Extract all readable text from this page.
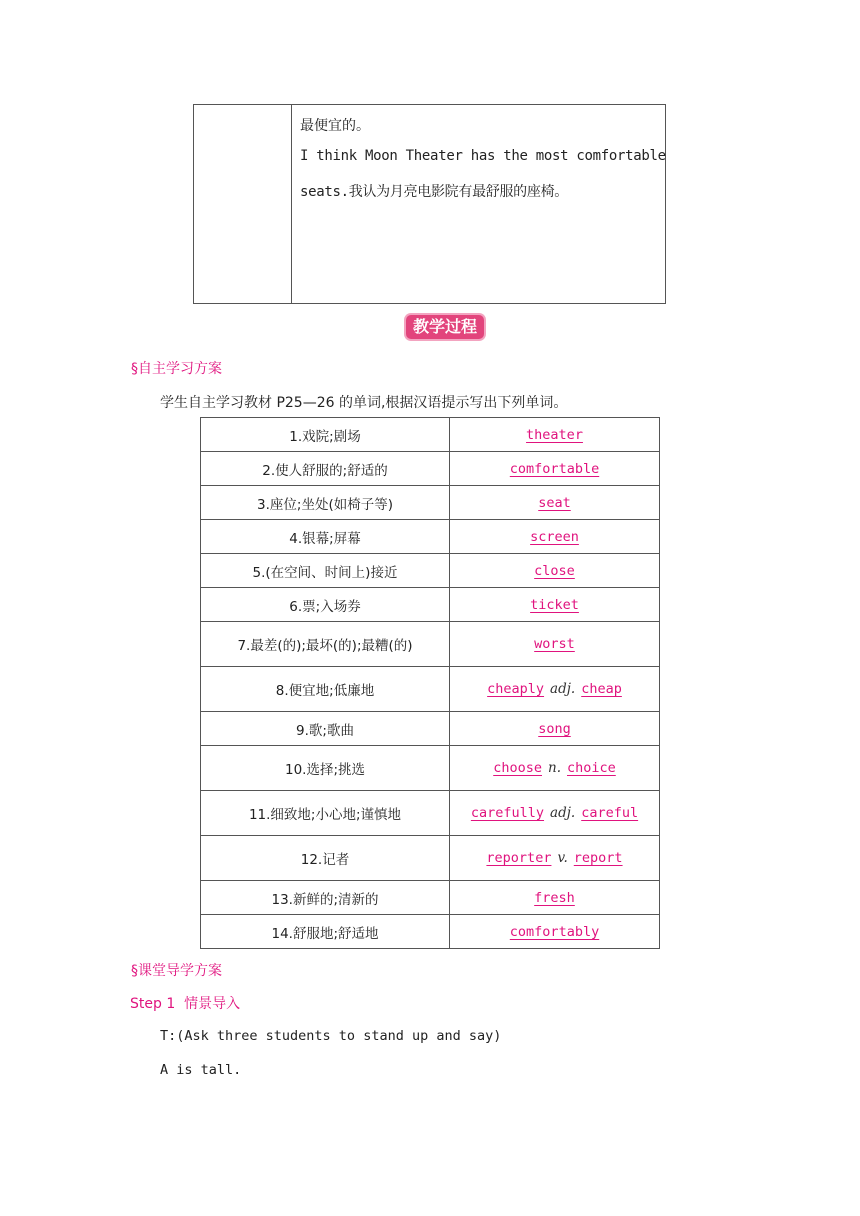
最便宜的。
I think Moon Theater has the most comfortable
seats.我认为月亮电影院有最舒服的座椅。
教学过程
§自主学习方案
学生自主学习教材 P25—26 的单词,根据汉语提示写出下列单词。
1.戏院;剧场	theater
2.使人舒服的;舒适的	comfortable
3.座位;坐处(如椅子等)	seat
4.银幕;屏幕	screen
5.(在空间、时间上)接近	close
6.票;入场券	ticket
7.最差(的);最坏(的);最糟(的)	worst
8.便宜地;低廉地	cheaply adj. cheap
9.歌;歌曲	song
10.选择;挑选	choose n. choice
11.细致地;小心地;谨慎地	carefully adj. careful
12.记者	reporter v. report
13.新鲜的;清新的	fresh
14.舒服地;舒适地	comfortably
§课堂导学方案
Step 1  情景导入
T:(Ask three students to stand up and say)
A is tall.
